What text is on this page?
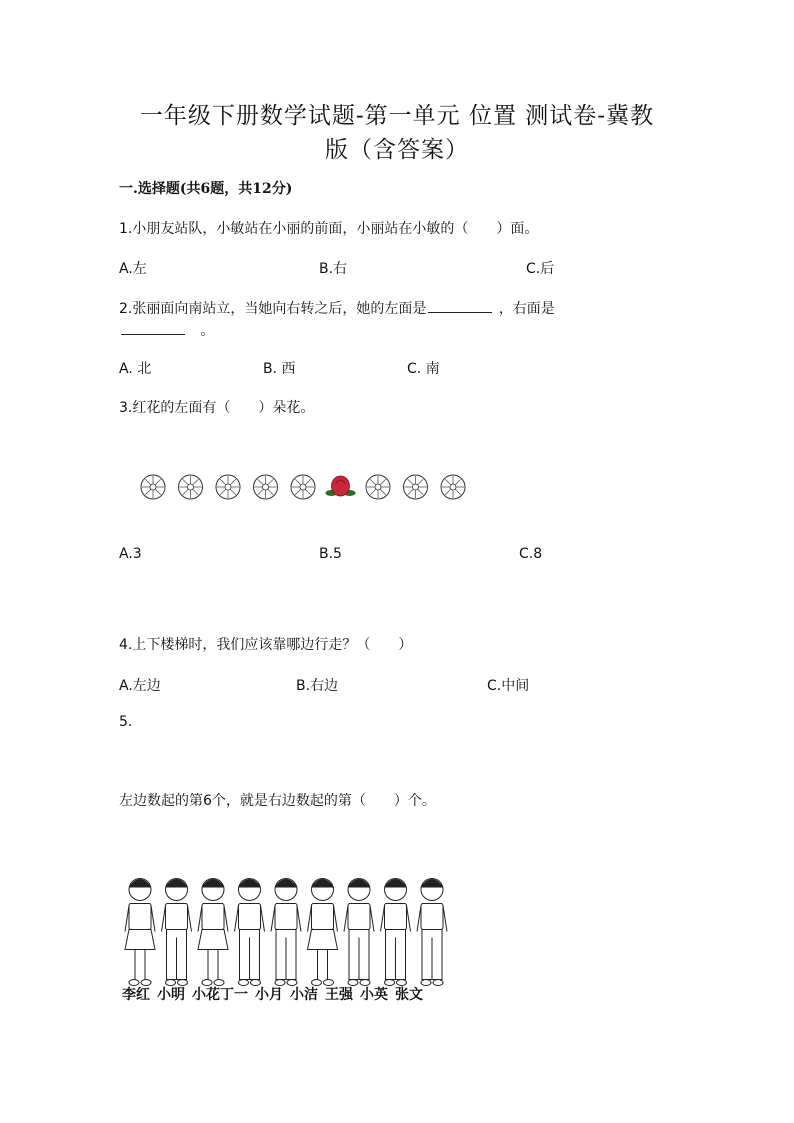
一年级下册数学试题-第一单元 位置 测试卷-冀教
版（含答案）
一.选择题(共6题，共12分)
1.小朋友站队，小敏站在小丽的前面，小丽站在小敏的（　　）面。
A.左	B.右	C.后
2.张丽面向南站立，当她向右转之后，她的左面是	，右面是
。
A. 北	B. 西	C. 南
3.红花的左面有（　　）朵花。
A.3	B.5	C.8
4.上下楼梯时，我们应该靠哪边行走？（　　）
A.左边	B.右边	C.中间
5.
左边数起的第6个，就是右边数起的第（　　）个。
李红 小明 小花丁一 小月 小洁 王强 小英 张文
